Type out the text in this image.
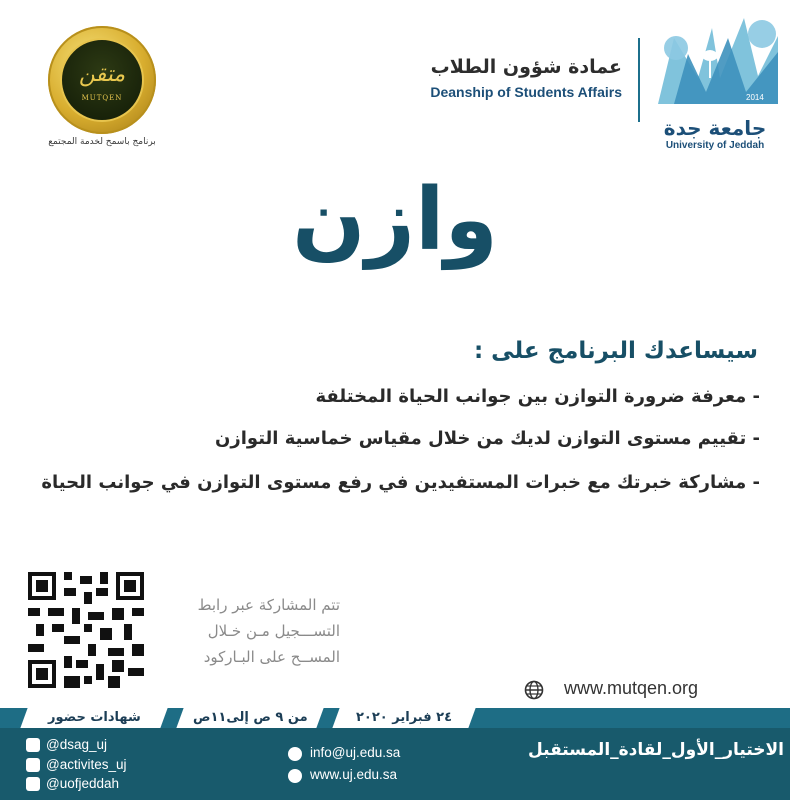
متقن
MUTQEN
برنامج باسمح لخدمة المجتمع
عمادة شؤون الطلاب
Deanship of Students Affairs	2014
جامعة جدة
University of Jeddah
وازن
سيساعدك البرنامج على :
- معرفة ضرورة التوازن بين جوانب الحياة المختلفة
- تقييم مستوى التوازن لديك من خلال مقياس خماسية التوازن
- مشاركة خبرتك مع خبرات المستفيدين في رفع مستوى التوازن في جوانب الحياة
تتم المشاركة عبر رابط
التســـجيل مـن خـلال
المســح على البـاركود
www.mutqen.org
٢٤ فبراير ٢٠٢٠
من ٩ ص إلى١١ص
شهادات حضور
@dsag_uj
@activites_uj
@uofjeddah
info@uj.edu.sa
www.uj.edu.sa
الاختيار_الأول_لقادة_المستقبل
